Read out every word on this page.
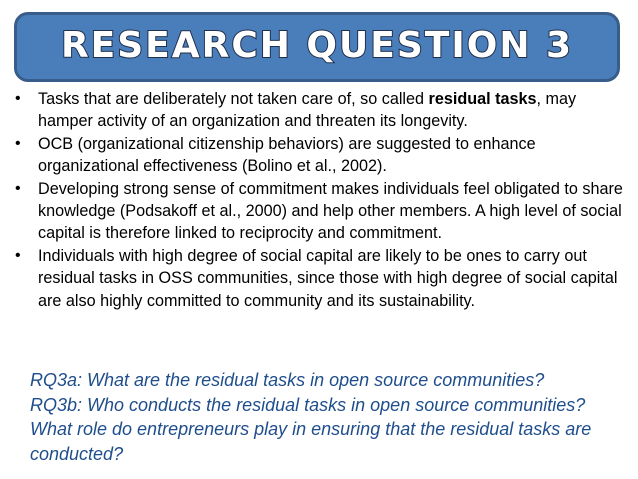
RESEARCH QUESTION 3
• Tasks that are deliberately not taken care of, so called residual tasks, may hamper activity of an organization and threaten its longevity.
• OCB (organizational citizenship behaviors) are suggested to enhance organizational effectiveness (Bolino et al., 2002).
• Developing strong sense of commitment makes individuals feel obligated to share knowledge (Podsakoff et al., 2000) and help other members. A high level of social capital is therefore linked to reciprocity and commitment.
• Individuals with high degree of social capital are likely to be ones to carry out residual tasks in OSS communities, since those with high degree of social capital are also highly committed to community and its sustainability.
RQ3a: What are the residual tasks in open source communities?
RQ3b: Who conducts the residual tasks in open source communities? What role do entrepreneurs play in ensuring that the residual tasks are conducted?
